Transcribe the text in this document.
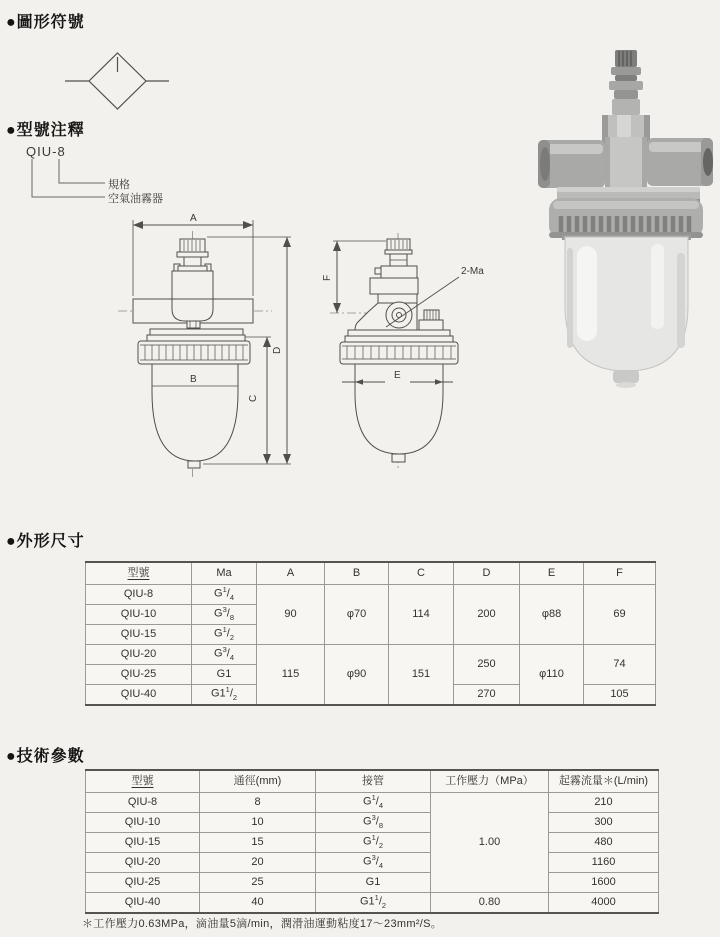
●圖形符號
●型號注釋
QIU-8
規格
空氣油霧器
A
B
C
D
E
F
2-Ma
●外形尺寸
型號	Ma	A	B	C	D	E	F
QIU-8	$G^1/_4$	90	φ70	114	200	φ88	69
QIU-10	$G^3/_8$
QIU-15	$G^1/_2$
QIU-20	$G^3/_4$	115	φ90	151	250	φ110	74
QIU-25	G1						
QIU-40	$G1^1/_2$				270		105
●技術參數
型號	通徑(mm)	接管	工作壓力（MPa）	起霧流量＊(L/min)
QIU-8	8	$G^1/_4$	1.00	210
QIU-10	10	$G^3/_8$		300
QIU-15	15	$G^1/_2$		480
QIU-20	20	$G^3/_4$		1160
QIU-25	25	G1		1600
QIU-40	40	$G1^1/_2$	0.80	4000
＊工作壓力0.63MPa，滴油量5滴/min，潤滑油運動粘度17～23mm²/S。
